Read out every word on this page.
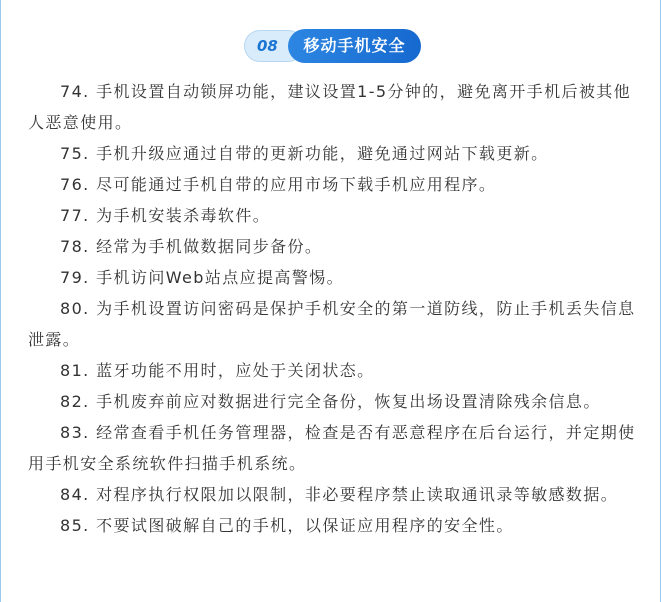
08	移动手机安全

74. 手机设置自动锁屏功能，建议设置1-5分钟的，避免离开手机后被其他人恶意使用。

75. 手机升级应通过自带的更新功能，避免通过网站下载更新。

76. 尽可能通过手机自带的应用市场下载手机应用程序。

77. 为手机安装杀毒软件。

78. 经常为手机做数据同步备份。

79. 手机访问Web站点应提高警惕。

80. 为手机设置访问密码是保护手机安全的第一道防线，防止手机丢失信息泄露。

81. 蓝牙功能不用时，应处于关闭状态。

82. 手机废弃前应对数据进行完全备份，恢复出场设置清除残余信息。

83. 经常查看手机任务管理器，检查是否有恶意程序在后台运行，并定期使用手机安全系统软件扫描手机系统。

84. 对程序执行权限加以限制，非必要程序禁止读取通讯录等敏感数据。

85. 不要试图破解自己的手机，以保证应用程序的安全性。
